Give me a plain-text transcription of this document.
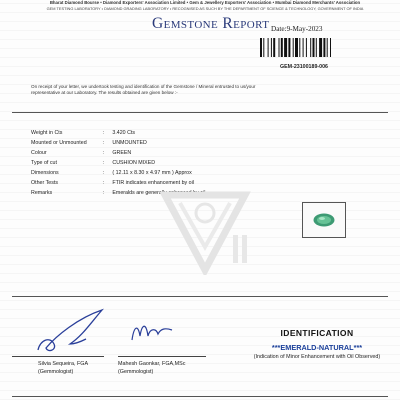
Bharat Diamond Bourse • Diamond Exporters' Association Limited • Gem & Jewellery Exporters' Association • Mumbai Diamond Merchants' Association
GEM TESTING LABORATORY • DIAMOND GRADING LABORATORY • RECOGNISED AS SUCH BY THE DEPARTMENT OF SCIENCE & TECHNOLOGY, GOVERNMENT OF INDIA
Gemstone Report Date:9-May-2023
GEM-23100189-006
On receipt of your letter, we undertook testing and identification of the Gemstone / Mineral entrusted to us/your representative at our Laboratory. The results obtained are given below :-
Weight in Cts	:	3.420 Cts
Mounted or Unmounted	:	UNMOUNTED
Colour	:	GREEN
Type of cut	:	CUSHION MIXED
Dimensions	:	( 12.11 x 8.30 x 4.97 mm ) Approx
Other Tests	:	FTIR indicates enhancement by oil
Remarks	:	Emeralds are generally enhanced by oil
Silvia Sequeira, FGA
(Gemmologist)
Mahesh Gaonkar, FGA,MSc
(Gemmologist)
IDENTIFICATION
***EMERALD-NATURAL***
(Indication of Minor Enhancement with Oil Observed)
